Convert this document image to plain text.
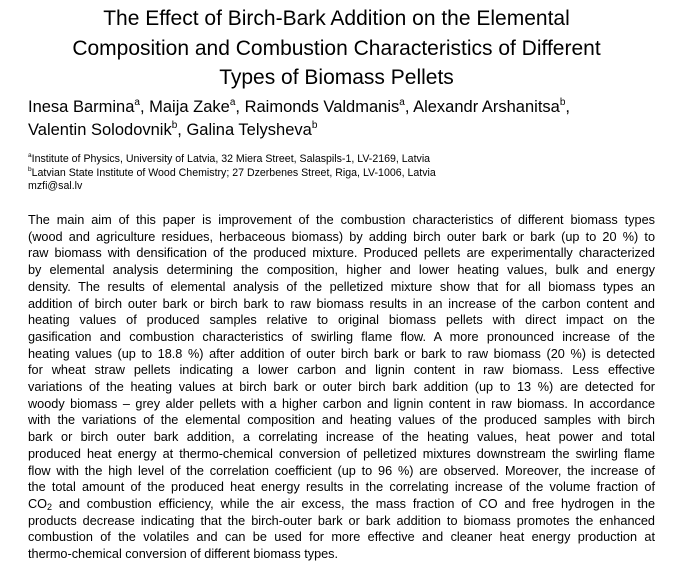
The Effect of Birch-Bark Addition on the Elemental
Composition and Combustion Characteristics of Different
Types of Biomass Pellets
Inesa Barmina$^a$, Maija Zake$^a$, Raimonds Valdmanis$^a$, Alexandr Arshanitsa$^b$,
Valentin Solodovnik$^b$, Galina Telysheva$^b$
$^a$Institute of Physics, University of Latvia, 32 Miera Street, Salaspils-1, LV-2169, Latvia
$^b$Latvian State Institute of Wood Chemistry; 27 Dzerbenes Street, Riga, LV-1006, Latvia
mzfi@sal.lv
The main aim of this paper is improvement of the combustion characteristics of different biomass types
(wood and agriculture residues, herbaceous biomass) by adding birch outer bark or bark (up to 20 %) to
raw biomass with densification of the produced mixture. Produced pellets are experimentally characterized
by elemental analysis determining the composition, higher and lower heating values, bulk and energy
density. The results of elemental analysis of the pelletized mixture show that for all biomass types an
addition of birch outer bark or birch bark to raw biomass results in an increase of the carbon content and
heating values of produced samples relative to original biomass pellets with direct impact on the
gasification and combustion characteristics of swirling flame flow. A more pronounced increase of the
heating values (up to 18.8 %) after addition of outer birch bark or bark to raw biomass (20 %) is detected
for wheat straw pellets indicating a lower carbon and lignin content in raw biomass. Less effective
variations of the heating values at birch bark or outer birch bark addition (up to 13 %) are detected for
woody biomass – grey alder pellets with a higher carbon and lignin content in raw biomass. In accordance
with the variations of the elemental composition and heating values of the produced samples with birch
bark or birch outer bark addition, a correlating increase of the heating values, heat power and total
produced heat energy at thermo-chemical conversion of pelletized mixtures downstream the swirling flame
flow with the high level of the correlation coefficient (up to 96 %) are observed. Moreover, the increase of
the total amount of the produced heat energy results in the correlating increase of the volume fraction of
$CO_2$ and combustion efficiency, while the air excess, the mass fraction of CO and free hydrogen in the
products decrease indicating that the birch-outer bark or bark addition to biomass promotes the enhanced
combustion of the volatiles and can be used for more effective and cleaner heat energy production at
thermo-chemical conversion of different biomass types.
